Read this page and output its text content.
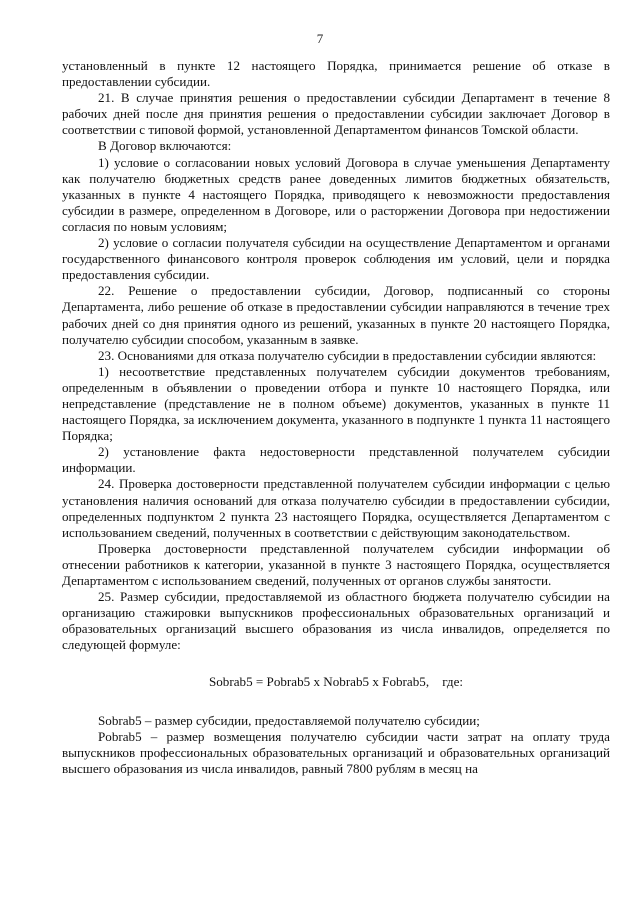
7

установленный в пункте 12 настоящего Порядка, принимается решение об отказе в предоставлении субсидии.

21. В случае принятия решения о предоставлении субсидии Департамент в течение 8 рабочих дней после дня принятия решения о предоставлении субсидии заключает Договор в соответствии с типовой формой, установленной Департаментом финансов Томской области.

В Договор включаются:

1) условие о согласовании новых условий Договора в случае уменьшения Департаменту как получателю бюджетных средств ранее доведенных лимитов бюджетных обязательств, указанных в пункте 4 настоящего Порядка, приводящего к невозможности предоставления субсидии в размере, определенном в Договоре, или о расторжении Договора при недостижении согласия по новым условиям;

2) условие о согласии получателя субсидии на осуществление Департаментом и органами государственного финансового контроля проверок соблюдения им условий, цели и порядка предоставления субсидии.

22. Решение о предоставлении субсидии, Договор, подписанный со стороны Департамента, либо решение об отказе в предоставлении субсидии направляются в течение трех рабочих дней со дня принятия одного из решений, указанных в пункте 20 настоящего Порядка, получателю субсидии способом, указанным в заявке.

23. Основаниями для отказа получателю субсидии в предоставлении субсидии являются:

1) несоответствие представленных получателем субсидии документов требованиям, определенным в объявлении о проведении отбора и пункте 10 настоящего Порядка, или непредставление (представление не в полном объеме) документов, указанных в пункте 11 настоящего Порядка, за исключением документа, указанного в подпункте 1 пункта 11 настоящего Порядка;

2) установление факта недостоверности представленной получателем субсидии информации.

24. Проверка достоверности представленной получателем субсидии информации с целью установления наличия оснований для отказа получателю субсидии в предоставлении субсидии, определенных подпунктом 2 пункта 23 настоящего Порядка, осуществляется Департаментом с использованием сведений, полученных в соответствии с действующим законодательством.

Проверка достоверности представленной получателем субсидии информации об отнесении работников к категории, указанной в пункте 3 настоящего Порядка, осуществляется Департаментом с использованием сведений, полученных от органов службы занятости.

25. Размер субсидии, предоставляемой из областного бюджета получателю субсидии на организацию стажировки выпускников профессиональных образовательных организаций и образовательных организаций высшего образования из числа инвалидов, определяется по следующей формуле:

Sobrab5 = Pobrab5 x Nobrab5 x Fobrab5,    где:

Sobrab5 – размер субсидии, предоставляемой получателю субсидии;

Pobrab5 – размер возмещения получателю субсидии части затрат на оплату труда выпускников профессиональных образовательных организаций и образовательных организаций высшего образования из числа инвалидов, равный 7800 рублям в месяц на
